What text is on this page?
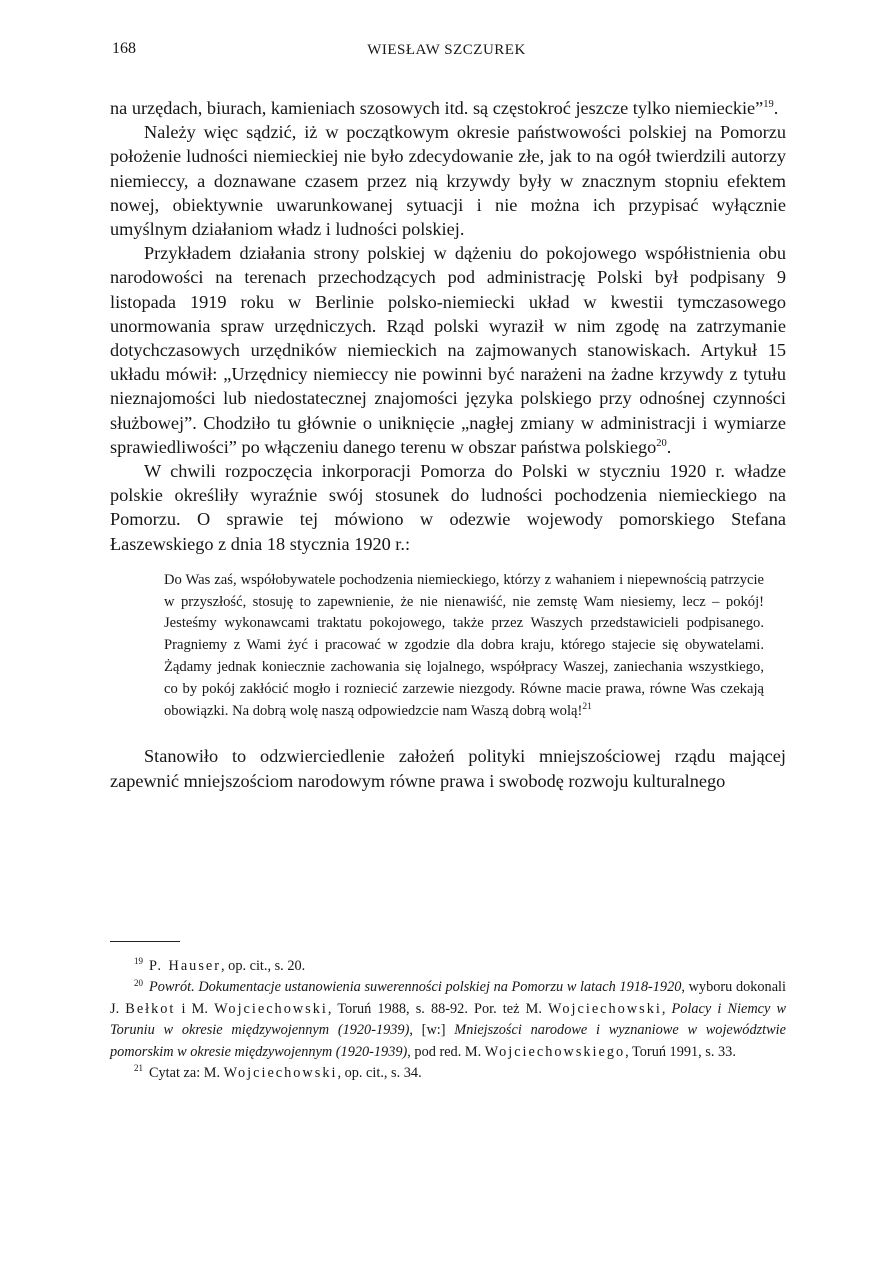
168	WIESŁAW SZCZUREK

na urzędach, biurach, kamieniach szosowych itd. są częstokroć jeszcze tylko niemieckie”$^{19}$.

Należy więc sądzić, iż w początkowym okresie państwowości polskiej na Pomorzu położenie ludności niemieckiej nie było zdecydowanie złe, jak to na ogół twierdzili autorzy niemieccy, a doznawane czasem przez nią krzywdy były w znacznym stopniu efektem nowej, obiektywnie uwarunkowanej sytuacji i nie można ich przypisać wyłącznie umyślnym działaniom władz i ludności polskiej.

Przykładem działania strony polskiej w dążeniu do pokojowego współistnienia obu narodowości na terenach przechodzących pod administrację Polski był podpisany 9 listopada 1919 roku w Berlinie polsko-niemiecki układ w kwestii tymczasowego unormowania spraw urzędniczych. Rząd polski wyraził w nim zgodę na zatrzymanie dotychczasowych urzędników niemieckich na zajmowanych stanowiskach. Artykuł 15 układu mówił: „Urzędnicy niemieccy nie powinni być narażeni na żadne krzywdy z tytułu nieznajomości lub niedostatecznej znajomości języka polskiego przy odnośnej czynności służbowej”. Chodziło tu głównie o uniknięcie „nagłej zmiany w administracji i wymiarze sprawiedliwości” po włączeniu danego terenu w obszar państwa polskiego$^{20}$.

W chwili rozpoczęcia inkorporacji Pomorza do Polski w styczniu 1920 r. władze polskie określiły wyraźnie swój stosunek do ludności pochodzenia niemieckiego na Pomorzu. O sprawie tej mówiono w odezwie wojewody pomorskiego Stefana Łaszewskiego z dnia 18 stycznia 1920 r.:

Do Was zaś, współobywatele pochodzenia niemieckiego, którzy z wahaniem i niepewnością patrzycie w przyszłość, stosuję to zapewnienie, że nie nienawiść, nie zemstę Wam niesiemy, lecz – pokój! Jesteśmy wykonawcami traktatu pokojowego, także przez Waszych przedstawicieli podpisanego. Pragniemy z Wami żyć i pracować w zgodzie dla dobra kraju, którego stajecie się obywatelami. Żądamy jednak koniecznie zachowania się lojalnego, współpracy Waszej, zaniechania wszystkiego, co by pokój zakłócić mogło i rozniecić zarzewie niezgody. Równe macie prawa, równe Was czekają obowiązki. Na dobrą wolę naszą odpowiedzcie nam Waszą dobrą wolą!$^{21}$

Stanowiło to odzwierciedlenie założeń polityki mniejszościowej rządu mającej zapewnić mniejszościom narodowym równe prawa i swobodę rozwoju kulturalnego

$^{19}$ P. Hauser, op. cit., s. 20.

$^{20}$ Powrót. Dokumentacje ustanowienia suwerenności polskiej na Pomorzu w latach 1918-1920, wyboru dokonali J. Bełkot i M. Wojciechowski, Toruń 1988, s. 88-92. Por. też M. Wojciechowski, Polacy i Niemcy w Toruniu w okresie międzywojennym (1920-1939), [w:] Mniejszości narodowe i wyznaniowe w województwie pomorskim w okresie międzywojennym (1920-1939), pod red. M. Wojciechowskiego, Toruń 1991, s. 33.

$^{21}$ Cytat za: M. Wojciechowski, op. cit., s. 34.
